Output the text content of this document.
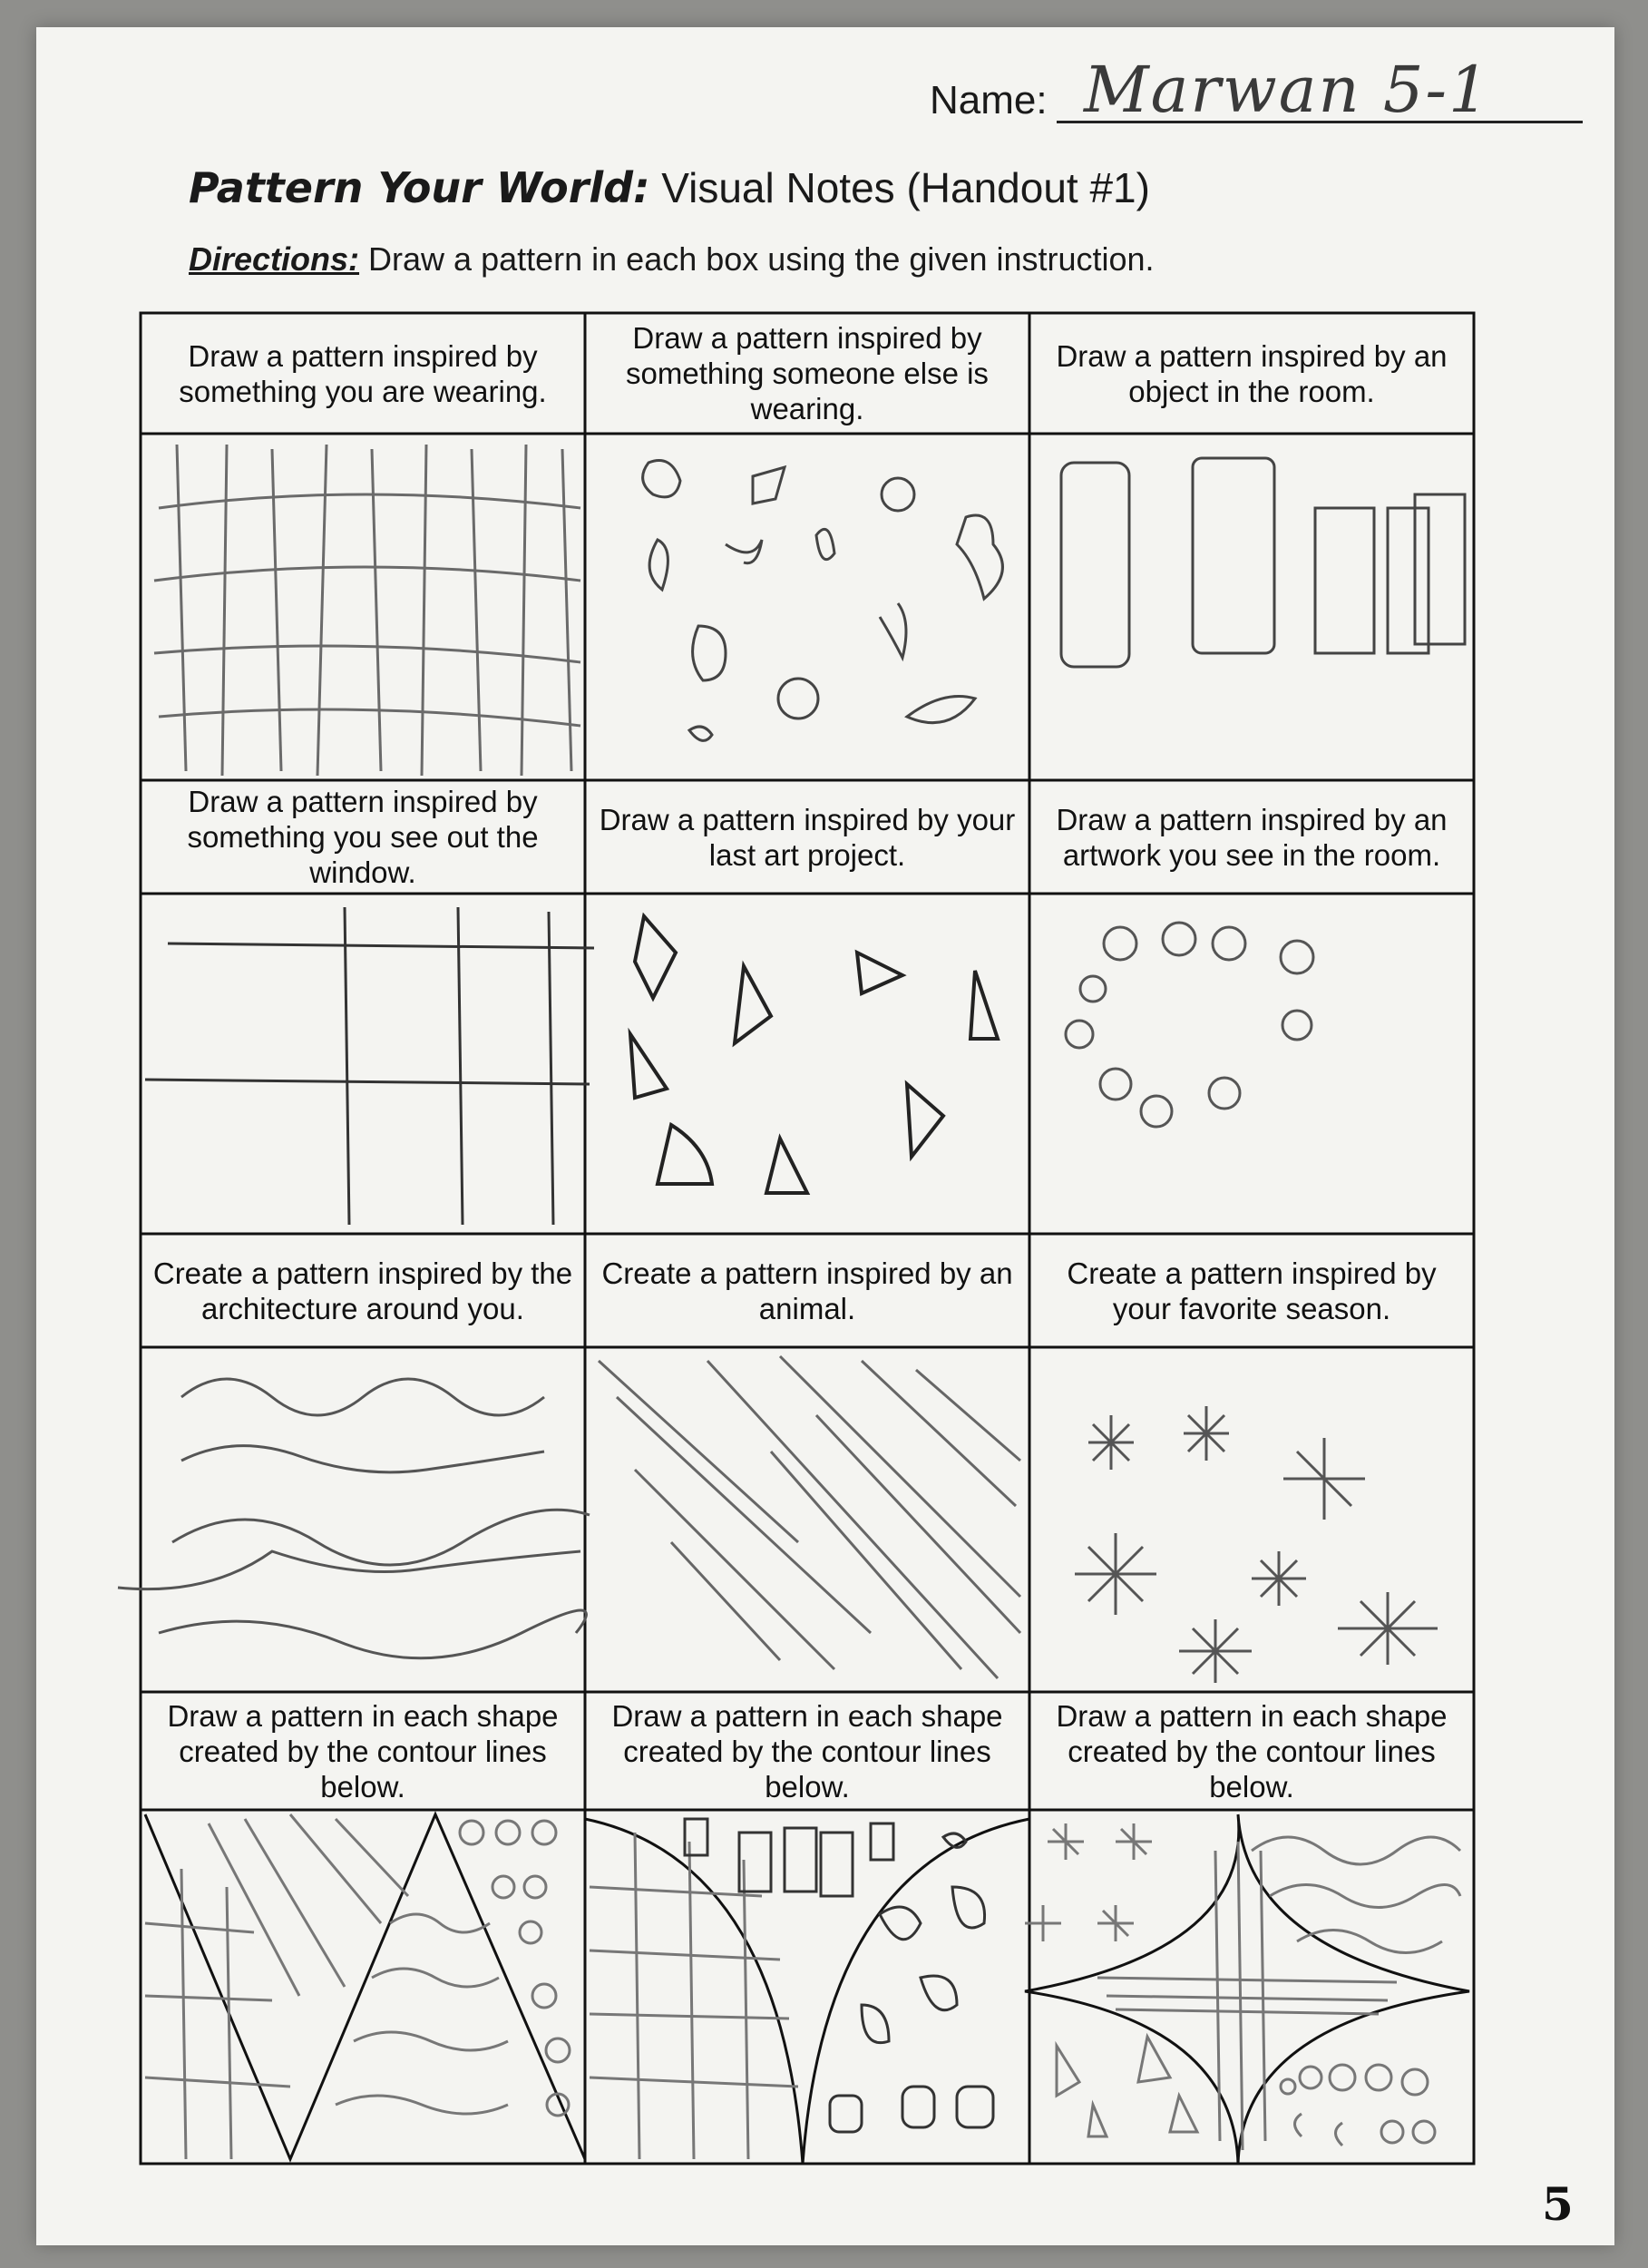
Name: Marwan 5-1
Pattern Your World: Visual Notes (Handout #1)
Directions: Draw a pattern in each box using the given instruction.
Draw a pattern inspired by something you are wearing.
Draw a pattern inspired by something someone else is wearing.
Draw a pattern inspired by an object in the room.
Draw a pattern inspired by something you see out the window.
Draw a pattern inspired by your last art project.
Draw a pattern inspired by an artwork you see in the room.
Create a pattern inspired by the architecture around you.
Create a pattern inspired by an animal.
Create a pattern inspired by your favorite season.
Draw a pattern in each shape created by the contour lines below.
Draw a pattern in each shape created by the contour lines below.
Draw a pattern in each shape created by the contour lines below.
5
